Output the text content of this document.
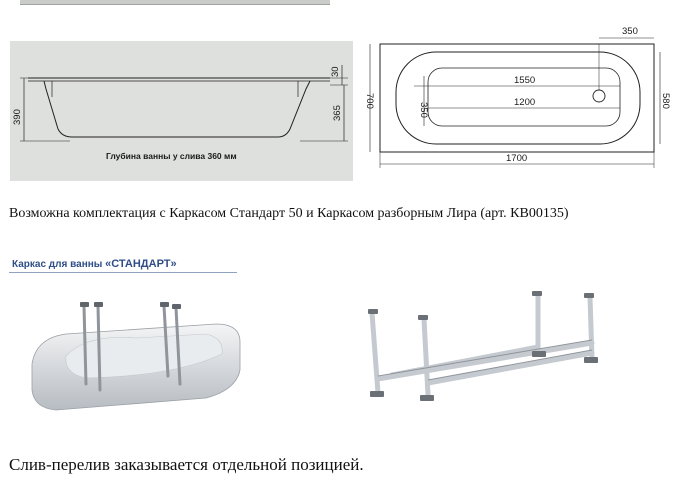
390
30
365
Глубина ванны у слива 360 мм
350
1550
1200
350
700	580
1700
Возможна комплектация с Каркасом Стандарт 50 и Каркасом разборным Лира (арт. КВ00135)
Каркас для ванны «СТАНДАРТ»
Слив-перелив заказывается отдельной позицией.
